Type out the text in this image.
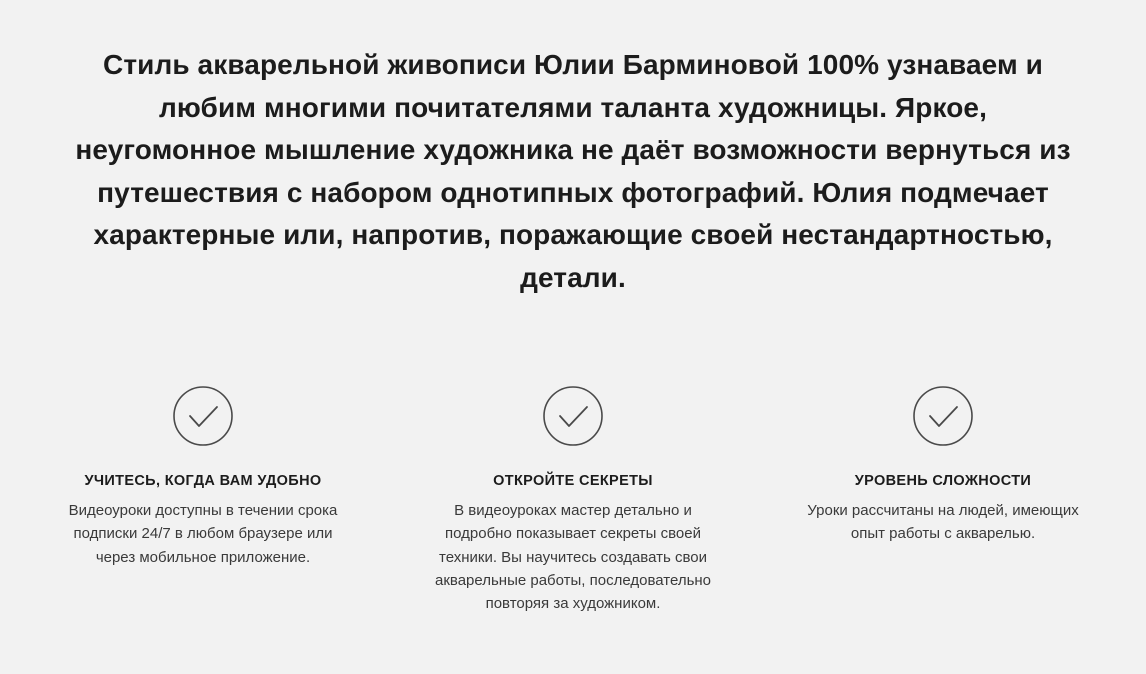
Стиль акварельной живописи Юлии Барминовой 100% узнаваем и любим многими почитателями таланта художницы. Яркое, неугомонное мышление художника не даёт возможности вернуться из путешествия с набором однотипных фотографий. Юлия подмечает характерные или, напротив, поражающие своей нестандартностью, детали.

УЧИТЕСЬ, КОГДА ВАМ УДОБНО
Видеоуроки доступны в течении срока подписки 24/7 в любом браузере или через мобильное приложение.
ОТКРОЙТЕ СЕКРЕТЫ
В видеоуроках мастер детально и подробно показывает секреты своей техники. Вы научитесь создавать свои акварельные работы, последовательно повторяя за художником.
УРОВЕНЬ СЛОЖНОСТИ
Уроки рассчитаны на людей, имеющих опыт работы с акварелью.
